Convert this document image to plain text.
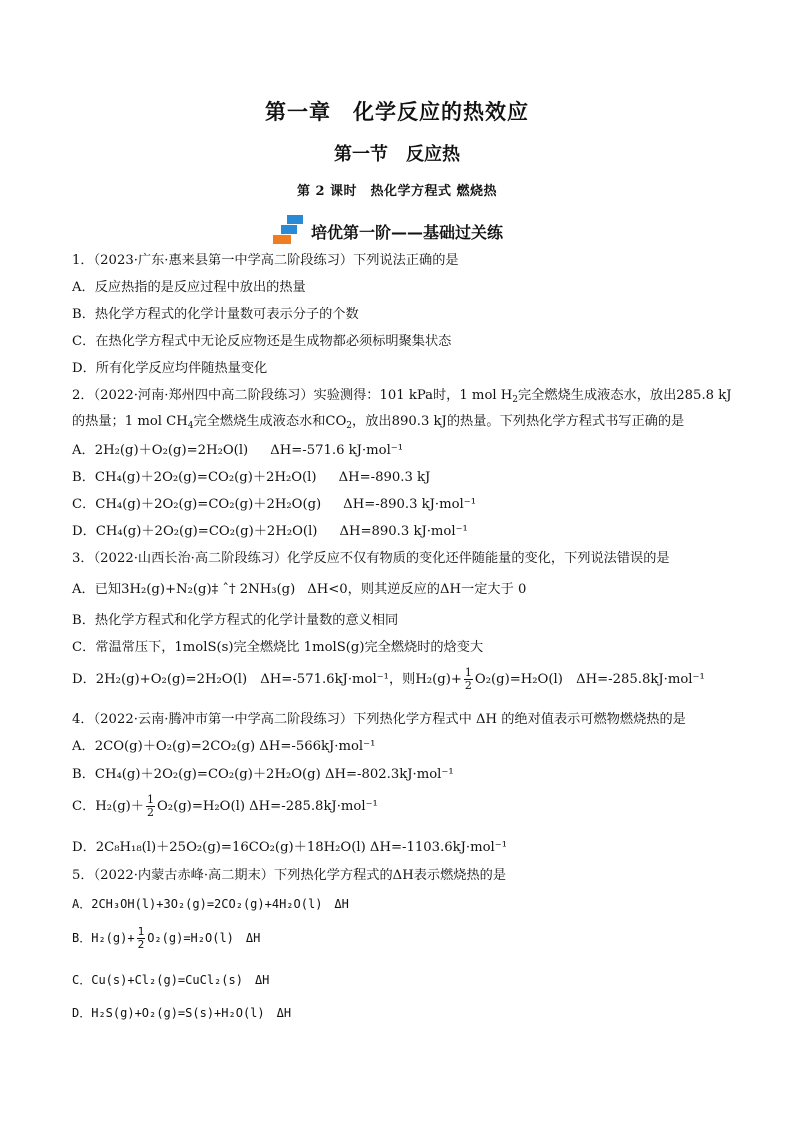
第一章　化学反应的热效应
第一节　反应热
第 2 课时　热化学方程式 燃烧热
培优第一阶——基础过关练
1．（2023·广东·惠来县第一中学高二阶段练习）下列说法正确的是
A．反应热指的是反应过程中放出的热量
B．热化学方程式的化学计量数可表示分子的个数
C．在热化学方程式中无论反应物还是生成物都必须标明聚集状态
D．所有化学反应均伴随热量变化
2．（2022·河南·郑州四中高二阶段练习）实验测得：101 kPa时，1 mol $H_2$完全燃烧生成液态水，放出285.8 kJ的热量；1 mol $CH_4$完全燃烧生成液态水和$CO_2$，放出890.3 kJ的热量。下列热化学方程式书写正确的是
A．2H₂(g)＋O₂(g)=2H₂O(l) ΔH=-571.6 kJ·mol⁻¹
B．CH₄(g)＋2O₂(g)=CO₂(g)＋2H₂O(l) ΔH=-890.3 kJ
C．CH₄(g)＋2O₂(g)=CO₂(g)＋2H₂O(g) ΔH=-890.3 kJ·mol⁻¹
D．CH₄(g)＋2O₂(g)=CO₂(g)＋2H₂O(l) ΔH=890.3 kJ·mol⁻¹
3．（2022·山西长治·高二阶段练习）化学反应不仅有物质的变化还伴随能量的变化，下列说法错误的是
A．已知3H₂(g)+N₂(g)‡ ˆ† 2NH₃(g) ΔH<0，则其逆反应的ΔH一定大于 0
B．热化学方程式和化学方程式的化学计量数的意义相同
C．常温常压下，1molS(s)完全燃烧比 1molS(g)完全燃烧时的焓变大
D．2H₂(g)+O₂(g)=2H₂O(l)　ΔH=-571.6kJ·mol⁻¹，则$H_2(g)+ \frac{1}{2} O_2(g)=H_2O(l)$　ΔH=-285.8kJ·mol⁻¹
4．（2022·云南·腾冲市第一中学高二阶段练习）下列热化学方程式中 ΔH 的绝对值表示可燃物燃烧热的是
A．2CO(g)＋O₂(g)=2CO₂(g) ΔH=-566kJ·mol⁻¹
B．CH₄(g)＋2O₂(g)=CO₂(g)＋2H₂O(g) ΔH=-802.3kJ·mol⁻¹
C．$H_2(g)+ \frac{1}{2} O_2(g)=H_2O(l)$ ΔH=-285.8kJ·mol⁻¹
D．2C₈H₁₈(l)＋25O₂(g)=16CO₂(g)＋18H₂O(l) ΔH=-1103.6kJ·mol⁻¹
5．（2022·内蒙古赤峰·高二期末）下列热化学方程式的ΔH表示燃烧热的是
A．2CH₃OH(l)+3O₂(g)=2CO₂(g)+4H₂O(l)　ΔH
B．$H_2(g)+ \frac{1}{2} O_2(g)=H_2O(l)$　ΔH
C．Cu(s)+Cl₂(g)=CuCl₂(s)　ΔH
D．H₂S(g)+O₂(g)=S(s)+H₂O(l)　ΔH
